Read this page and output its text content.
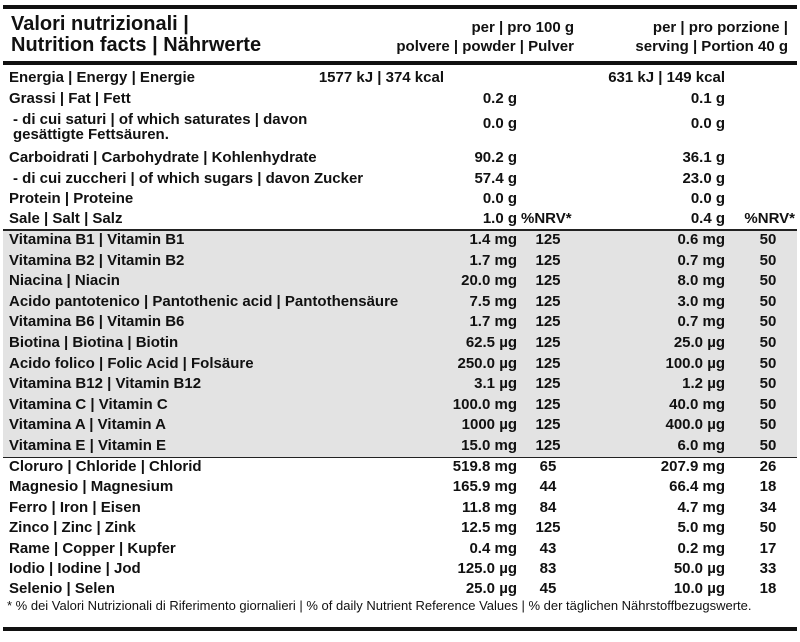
Valori nutrizionali |
Nutrition facts | Nährwerte
per | pro 100 g
polvere | powder | Pulver
per | pro porzione |
serving | Portion 40 g
Energia | Energy | Energie	1577 kJ | 374 kcal	631 kJ | 149 kcal
Grassi | Fat | Fett	0.2 g	0.1 g
- di cui saturi | of which saturates | davon gesättigte Fettsäuren.
0.0 g	0.0 g
Carboidrati | Carbohydrate | Kohlenhydrate	90.2 g	36.1 g
- di cui zuccheri | of which sugars | davon Zucker	57.4 g	23.0 g
Protein | Proteine	0.0 g	0.0 g
Sale | Salt | Salz	1.0 g %NRV*	0.4 g %NRV*
Vitamina B1 | Vitamin B1	1.4 mg	125	0.6 mg	50
Vitamina B2 | Vitamin B2	1.7 mg	125	0.7 mg	50
Niacina | Niacin	20.0 mg	125	8.0 mg	50
Acido pantotenico | Pantothenic acid | Pantothensäure	7.5 mg	125	3.0 mg	50
Vitamina B6 | Vitamin B6	1.7 mg	125	0.7 mg	50
Biotina | Biotina | Biotin	62.5 µg	125	25.0 µg	50
Acido folico | Folic Acid | Folsäure	250.0 µg	125	100.0 µg	50
Vitamina B12 | Vitamin B12	3.1 µg	125	1.2 µg	50
Vitamina C | Vitamin C	100.0 mg	125	40.0 mg	50
Vitamina A | Vitamin A	1000 µg	125	400.0 µg	50
Vitamina E | Vitamin E	15.0 mg	125	6.0 mg	50
Cloruro | Chloride | Chlorid	519.8 mg	65	207.9 mg	26
Magnesio | Magnesium	165.9 mg	44	66.4 mg	18
Ferro | Iron | Eisen	11.8 mg	84	4.7 mg	34
Zinco | Zinc | Zink	12.5 mg	125	5.0 mg	50
Rame | Copper | Kupfer	0.4 mg	43	0.2 mg	17
Iodio | Iodine | Jod	125.0 µg	83	50.0 µg	33
Selenio | Selen	25.0 µg	45	10.0 µg	18
* % dei Valori Nutrizionali di Riferimento giornalieri | % of daily Nutrient Reference Values | % der täglichen Nährstoffbezugswerte.
